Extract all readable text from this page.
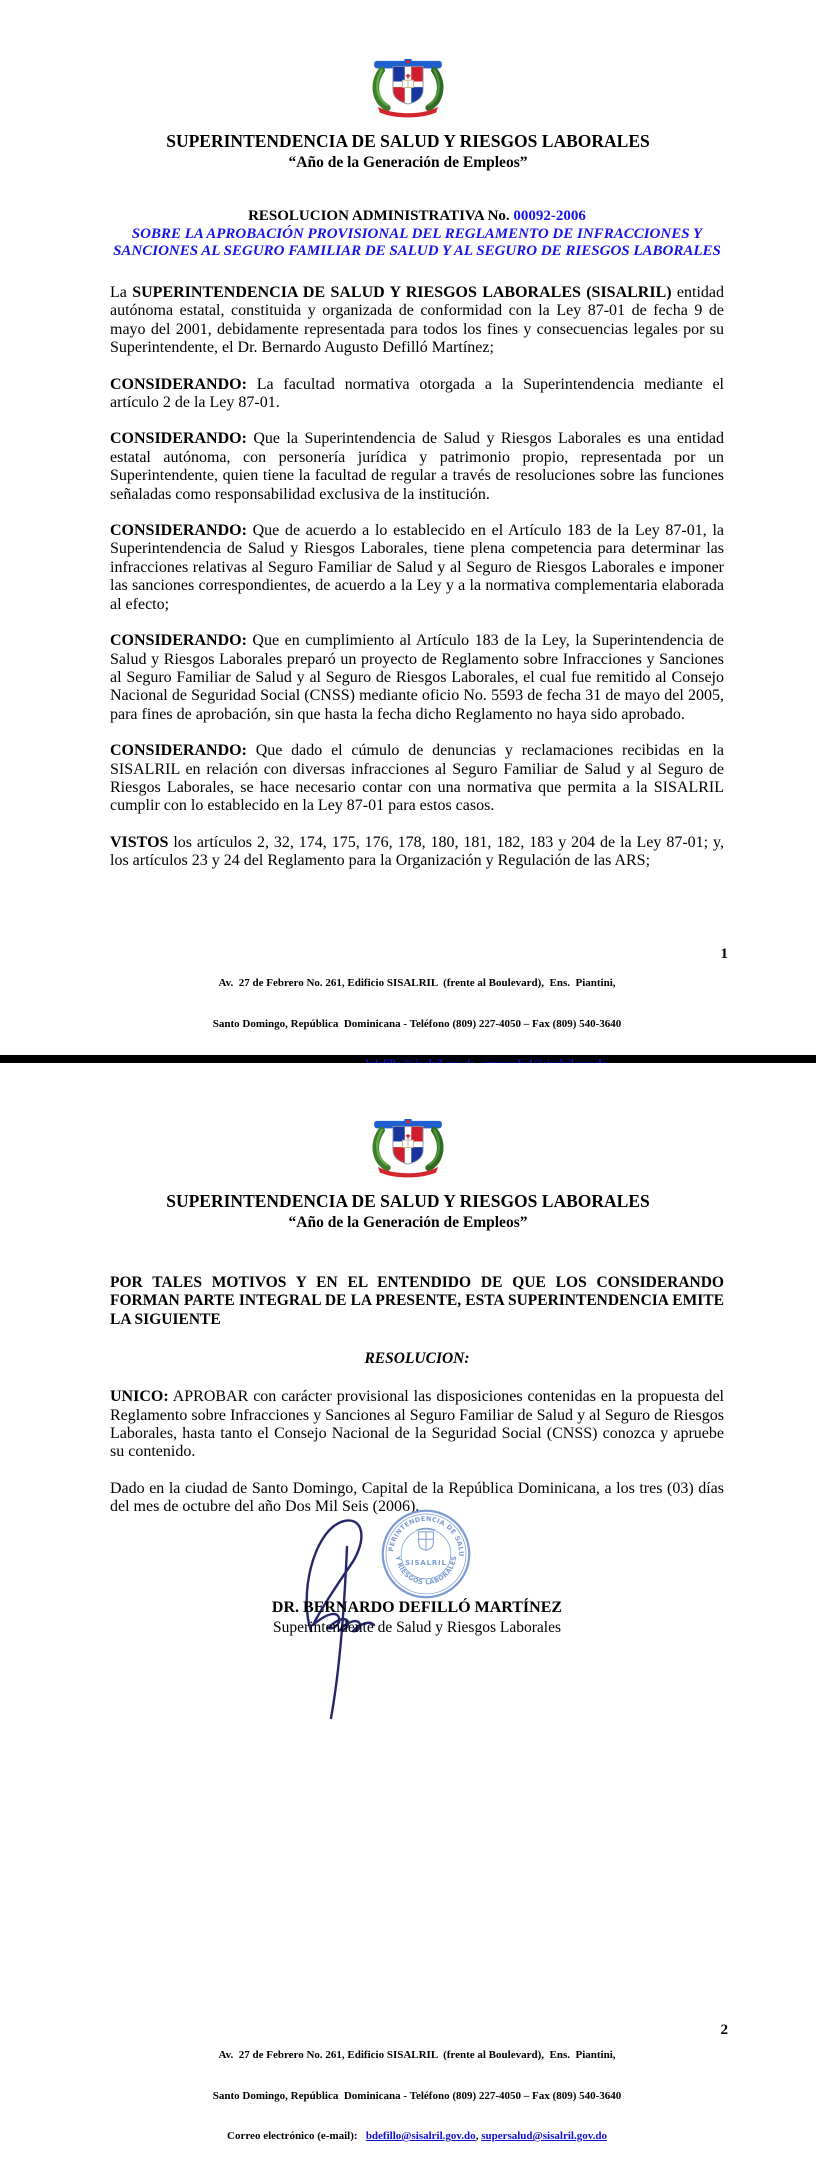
SUPERINTENDENCIA DE SALUD Y RIESGOS LABORALES
“Año de la Generación de Empleos”
RESOLUCION ADMINISTRATIVA No. 00092-2006
SOBRE LA APROBACIÓN PROVISIONAL DEL REGLAMENTO DE INFRACCIONES Y SANCIONES AL SEGURO FAMILIAR DE SALUD Y AL SEGURO DE RIESGOS LABORALES

La SUPERINTENDENCIA DE SALUD Y RIESGOS LABORALES (SISALRIL) entidad autónoma estatal, constituida y organizada de conformidad con la Ley 87-01 de fecha 9 de mayo del 2001, debidamente representada para todos los fines y consecuencias legales por su Superintendente, el Dr. Bernardo Augusto Defilló Martínez;

CONSIDERANDO: La facultad normativa otorgada a la Superintendencia mediante el artículo 2 de la Ley 87-01.

CONSIDERANDO: Que la Superintendencia de Salud y Riesgos Laborales es una entidad estatal autónoma, con personería jurídica y patrimonio propio, representada por un Superintendente, quien tiene la facultad de regular a través de resoluciones sobre las funciones señaladas como responsabilidad exclusiva de la institución.

CONSIDERANDO: Que de acuerdo a lo establecido en el Artículo 183 de la Ley 87-01, la Superintendencia de Salud y Riesgos Laborales, tiene plena competencia para determinar las infracciones relativas al Seguro Familiar de Salud y al Seguro de Riesgos Laborales e imponer las sanciones correspondientes, de acuerdo a la Ley y a la normativa complementaria elaborada al efecto;

CONSIDERANDO: Que en cumplimiento al Artículo 183 de la Ley, la Superintendencia de Salud y Riesgos Laborales preparó un proyecto de Reglamento sobre Infracciones y Sanciones al Seguro Familiar de Salud y al Seguro de Riesgos Laborales, el cual fue remitido al Consejo Nacional de Seguridad Social (CNSS) mediante oficio No. 5593 de fecha 31 de mayo del 2005, para fines de aprobación, sin que hasta la fecha dicho Reglamento no haya sido aprobado.

CONSIDERANDO: Que dado el cúmulo de denuncias y reclamaciones recibidas en la SISALRIL en relación con diversas infracciones al Seguro Familiar de Salud y al Seguro de Riesgos Laborales, se hace necesario contar con una normativa que permita a la SISALRIL cumplir con lo establecido en la Ley 87-01 para estos casos.

VISTOS los artículos 2, 32, 174, 175, 176, 178, 180, 181, 182, 183 y 204 de la Ley 87-01; y, los artículos 23 y 24 del Reglamento para la Organización y Regulación de las ARS;

Av.  27 de Febrero No. 261, Edificio SISALRIL  (frente al Boulevard),  Ens.  Piantini,

Santo Domingo, República  Dominicana - Teléfono (809) 227-4050 – Fax (809) 540-3640

1
SUPERINTENDENCIA DE SALUD Y RIESGOS LABORALES
“Año de la Generación de Empleos”
POR TALES MOTIVOS Y EN EL ENTENDIDO DE QUE LOS CONSIDERANDO FORMAN PARTE INTEGRAL DE LA PRESENTE, ESTA SUPERINTENDENCIA EMITE LA SIGUIENTE
RESOLUCION:

UNICO: APROBAR con carácter provisional las disposiciones contenidas en la propuesta del Reglamento sobre Infracciones y Sanciones al Seguro Familiar de Salud y al Seguro de Riesgos Laborales, hasta tanto el Consejo Nacional de la Seguridad Social (CNSS) conozca y apruebe su contenido.

Dado en la ciudad de Santo Domingo, Capital de la República Dominicana, a los tres (03) días del mes de octubre del año Dos Mil Seis (2006).

DR. BERNARDO DEFILLÓ MARTÍNEZ
Superintendente de Salud y Riesgos Laborales

Av.  27 de Febrero No. 261, Edificio SISALRIL  (frente al Boulevard),  Ens.  Piantini,

Santo Domingo, República  Dominicana - Teléfono (809) 227-4050 – Fax (809) 540-3640

Correo electrónico (e-mail):   bdefillo@sisalril.gov.do, supersalud@sisalril.gov.do

2
